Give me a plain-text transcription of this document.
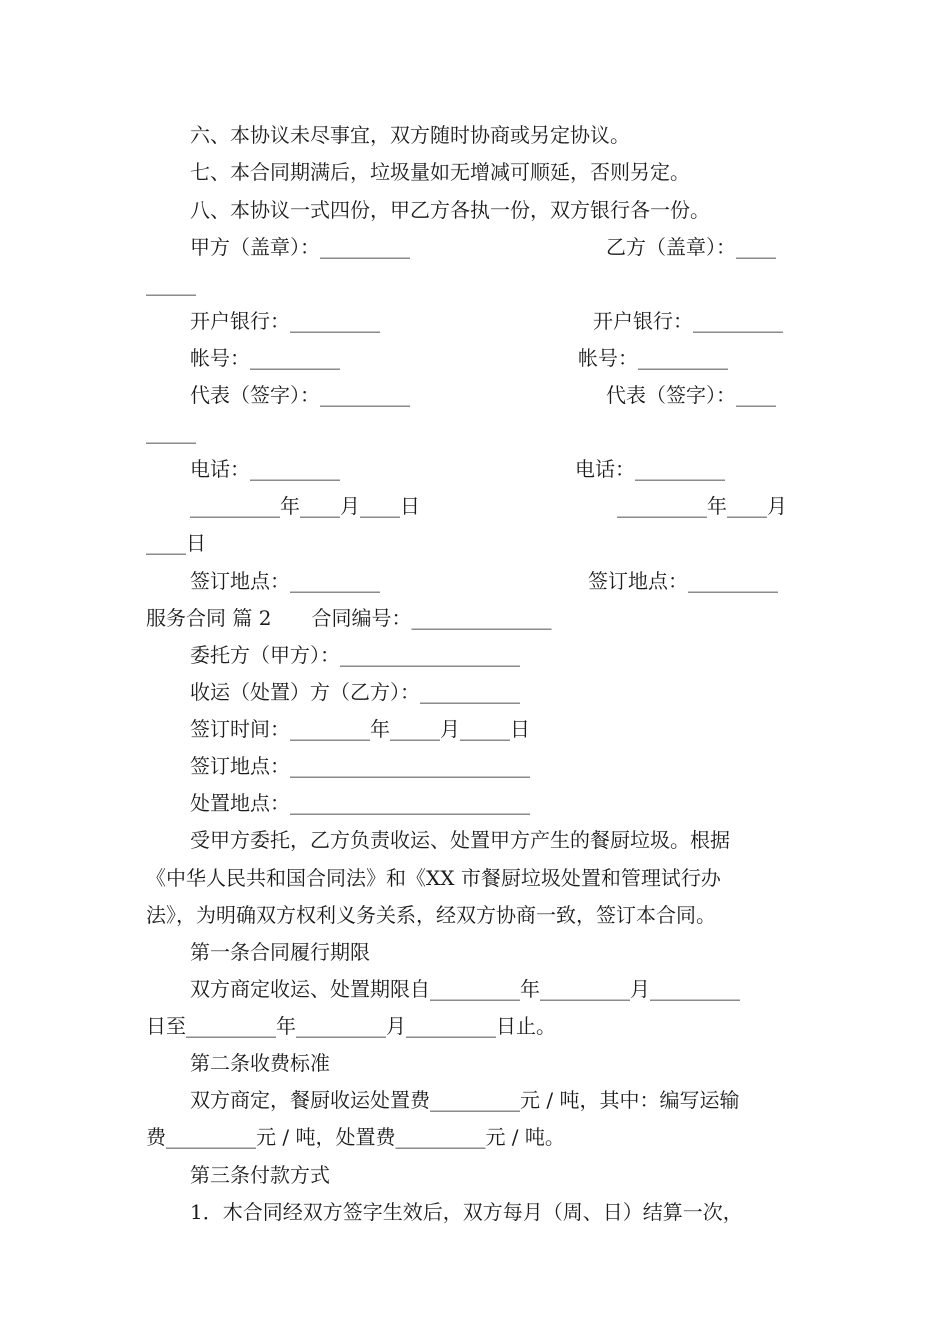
六、本协议未尽事宜，双方随时协商或另定协议。
七、本合同期满后，垃圾量如无增减可顺延，否则另定。
八、本协议一式四份，甲乙方各执一份，双方银行各一份。
甲方（盖章）：_________	乙方（盖章）：____
_____
开户银行：_________	开户银行：_________
帐号：_________	帐号：_________
代表（签字）：_________	代表（签字）：____
_____
电话：_________	电话：_________
_________年____月____日	_________年____月
____日
签订地点：_________	签订地点：_________
服务合同 篇 2　　合同编号：______________
委托方（甲方）：__________________
收运（处置）方（乙方）：__________
签订时间：________年_____月_____日
签订地点：________________________
处置地点：________________________
受甲方委托，乙方负责收运、处置甲方产生的餐厨垃圾。根据
《中华人民共和国合同法》和《XX 市餐厨垃圾处置和管理试行办
法》，为明确双方权利义务关系，经双方协商一致，签订本合同。
第一条合同履行期限
双方商定收运、处置期限自_________年_________月_________
日至_________年_________月_________日止。
第二条收费标准
双方商定，餐厨收运处置费_________元 / 吨，其中：编写运输
费_________元 / 吨，处置费_________元 / 吨。
第三条付款方式
1．木合同经双方签字生效后，双方每月（周、日）结算一次，
